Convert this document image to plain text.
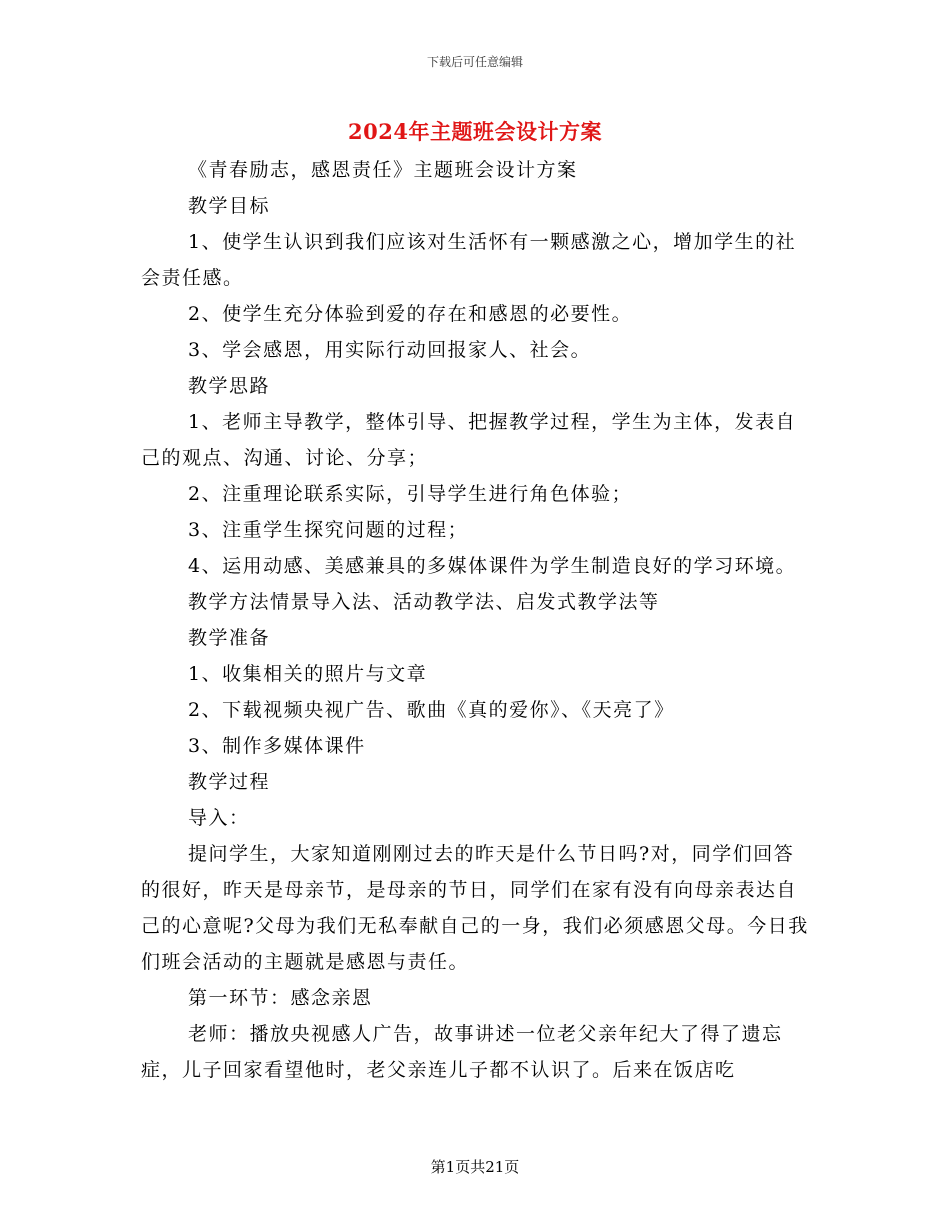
下载后可任意编辑
2024年主题班会设计方案

《青春励志，感恩责任》主题班会设计方案

教学目标

1、使学生认识到我们应该对生活怀有一颗感激之心，增加学生的社会责任感。

2、使学生充分体验到爱的存在和感恩的必要性。

3、学会感恩，用实际行动回报家人、社会。

教学思路

1、老师主导教学，整体引导、把握教学过程，学生为主体，发表自己的观点、沟通、讨论、分享；

2、注重理论联系实际，引导学生进行角色体验；

3、注重学生探究问题的过程；

4、运用动感、美感兼具的多媒体课件为学生制造良好的学习环境。

教学方法情景导入法、活动教学法、启发式教学法等

教学准备

1、收集相关的照片与文章

2、下载视频央视广告、歌曲《真的爱你》、《天亮了》

3、制作多媒体课件

教学过程

导入：

提问学生，大家知道刚刚过去的昨天是什么节日吗?对，同学们回答的很好，昨天是母亲节，是母亲的节日，同学们在家有没有向母亲表达自己的心意呢?父母为我们无私奉献自己的一身，我们必须感恩父母。今日我们班会活动的主题就是感恩与责任。

第一环节：感念亲恩

老师：播放央视感人广告，故事讲述一位老父亲年纪大了得了遗忘症，儿子回家看望他时，老父亲连儿子都不认识了。后来在饭店吃

第1页共21页
